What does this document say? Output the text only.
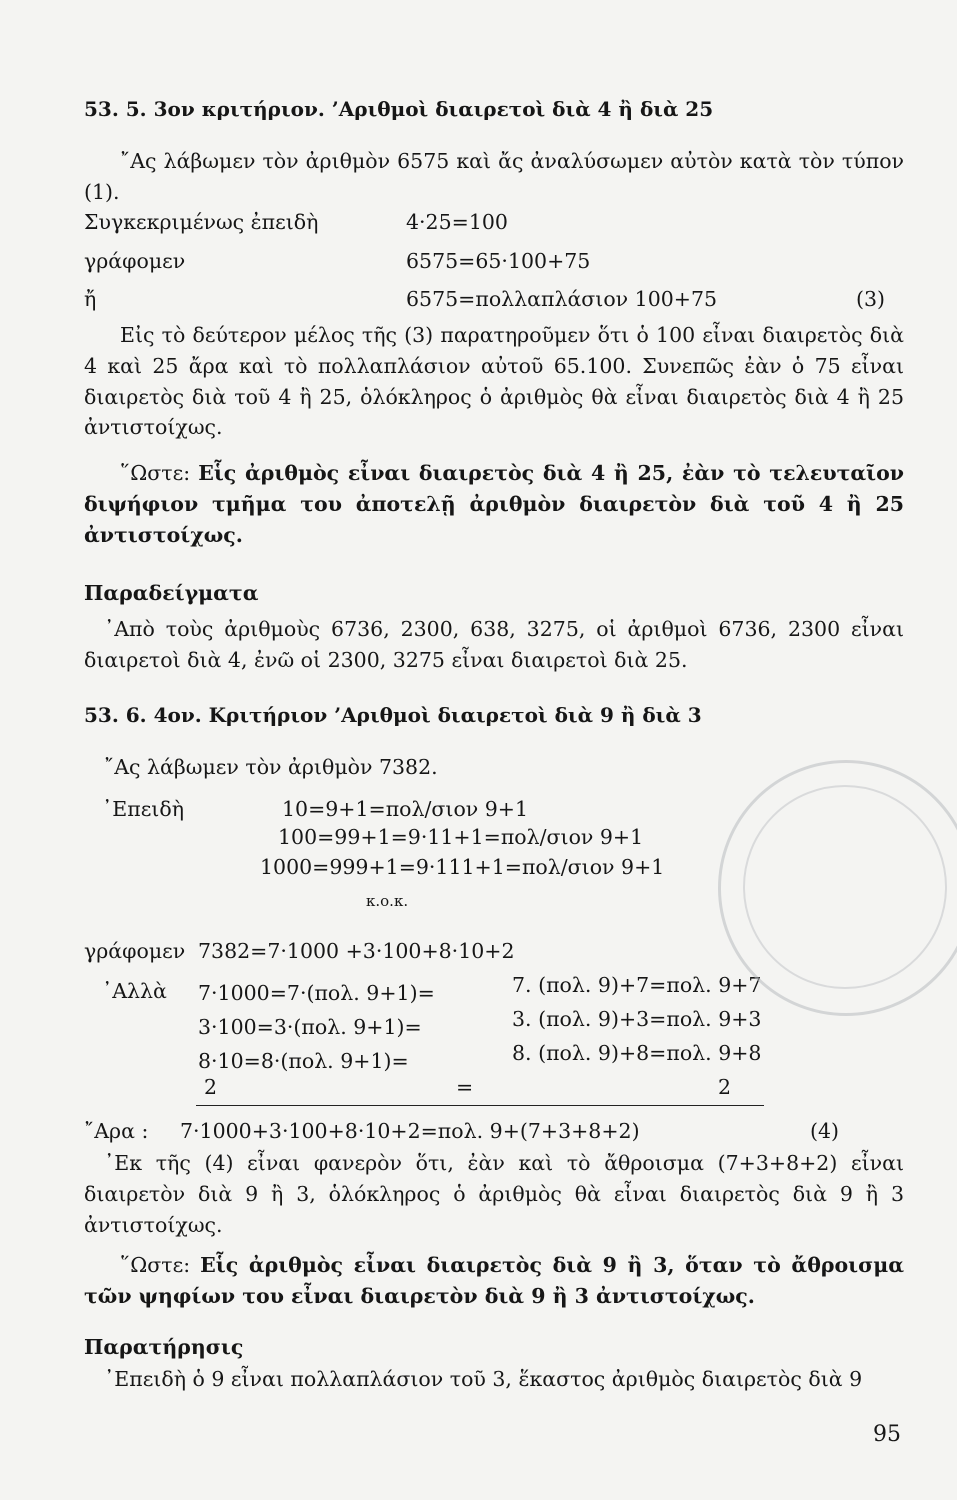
53. 5. 3ον κριτήριον. ’Αριθμοὶ διαιρετοὶ διὰ 4 ἢ διὰ 25
῎Ας λάβωμεν τὸν ἀριθμὸν 6575 καὶ ἄς ἀναλύσωμεν αὐτὸν κατὰ τὸν τύπον (1).
Συγκεκριμένως ἐπειδὴ	4·25=100
γράφομεν	6575=65·100+75
ἤ	6575=πολλαπλάσιον 100+75	(3)
Εἰς τὸ δεύτερον μέλος τῆς (3) παρατηροῦμεν ὅτι ὁ 100 εἶναι διαιρετὸς διὰ 4 καὶ 25 ἄρα καὶ τὸ πολλαπλάσιον αὐτοῦ 65.100. Συνεπῶς ἐὰν ὁ 75 εἶναι διαιρετὸς διὰ τοῦ 4 ἢ 25, ὁλόκληρος ὁ ἀριθμὸς θὰ εἶναι διαιρετὸς διὰ 4 ἢ 25 ἀντιστοίχως.
῞Ωστε: Εἷς ἀριθμὸς εἶναι διαιρετὸς διὰ 4 ἢ 25, ἐὰν τὸ τελευταῖον διψήφιον τμῆμα του ἀποτελῇ ἀριθμὸν διαιρετὸν διὰ τοῦ 4 ἢ 25 ἀντιστοίχως.
Παραδείγματα
᾿Απὸ τοὺς ἀριθμοὺς 6736, 2300, 638, 3275, οἱ ἀριθμοὶ 6736, 2300 εἶναι διαιρετοὶ διὰ 4, ἐνῶ οἱ 2300, 3275 εἶναι διαιρετοὶ διὰ 25.
53. 6. 4ον. Κριτήριον ’Αριθμοὶ διαιρετοὶ διὰ 9 ἢ διὰ 3
῎Ας λάβωμεν τὸν ἀριθμὸν 7382.
᾿Επειδὴ	10=9+1=πολ/σιον 9+1
100=99+1=9·11+1=πολ/σιον 9+1
1000=999+1=9·111+1=πολ/σιον 9+1
κ.ο.κ.
γράφομεν 7382=7·1000 +3·100+8·10+2
᾿Αλλὰ 7·1000=7·(πολ. 9+1)=	7. (πολ. 9)+7=πολ. 9+7
3·100=3·(πολ. 9+1)=	3. (πολ. 9)+3=πολ. 9+3
8·10=8·(πολ. 9+1)=	8. (πολ. 9)+8=πολ. 9+8
2	=	2
῎Αρα : 7·1000+3·100+8·10+2=πολ. 9+(7+3+8+2)	(4)
᾿Εκ τῆς (4) εἶναι φανερὸν ὅτι, ἐὰν καὶ τὸ ἄθροισμα (7+3+8+2) εἶναι διαιρετὸν διὰ 9 ἢ 3, ὁλόκληρος ὁ ἀριθμὸς θὰ εἶναι διαιρετὸς διὰ 9 ἢ 3 ἀντιστοίχως.
῞Ωστε: Εἷς ἀριθμὸς εἶναι διαιρετὸς διὰ 9 ἢ 3, ὅταν τὸ ἄθροισμα τῶν ψηφίων του εἶναι διαιρετὸν διὰ 9 ἢ 3 ἀντιστοίχως.
Παρατήρησις
᾿Επειδὴ ὁ 9 εἶναι πολλαπλάσιον τοῦ 3, ἕκαστος ἀριθμὸς διαιρετὸς διὰ 9
95
